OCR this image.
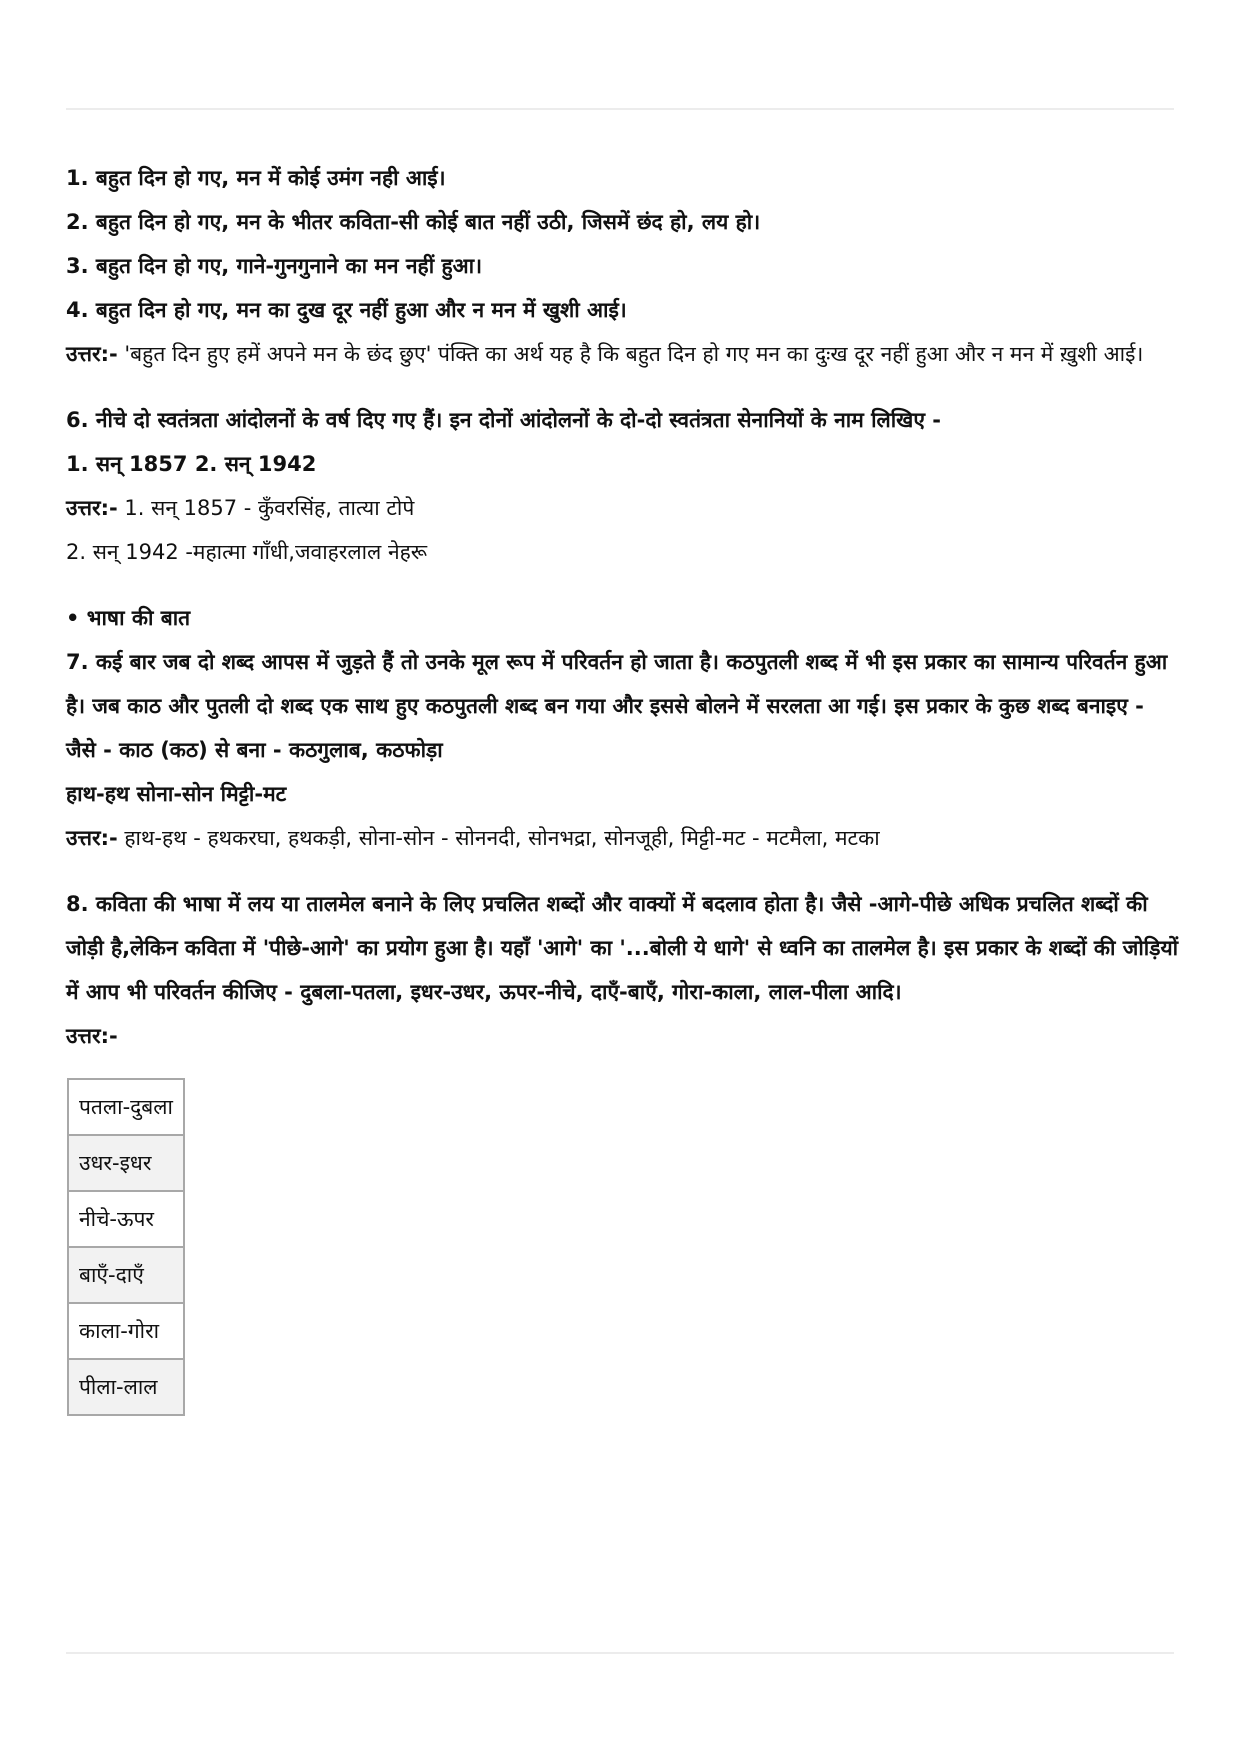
1. बहुत दिन हो गए, मन में कोई उमंग नही आई।
2. बहुत दिन हो गए, मन के भीतर कविता-सी कोई बात नहीं उठी, जिसमें छंद हो, लय हो।
3. बहुत दिन हो गए, गाने-गुनगुनाने का मन नहीं हुआ।
4. बहुत दिन हो गए, मन का दुख दूर नहीं हुआ और न मन में खुशी आई।
उत्तर:- 'बहुत दिन हुए हमें अपने मन के छंद छुए' पंक्ति का अर्थ यह है कि बहुत दिन हो गए मन का दुःख दूर नहीं हुआ और न मन में ख़ुशी आई।
6. नीचे दो स्वतंत्रता आंदोलनों के वर्ष दिए गए हैं। इन दोनों आंदोलनों के दो-दो स्वतंत्रता सेनानियों के नाम लिखिए -
1. सन् 1857 2. सन् 1942
उत्तर:- 1. सन् 1857 - कुँवरसिंह, तात्या टोपे
2. सन् 1942 -महात्मा गाँधी,जवाहरलाल नेहरू
• भाषा की बात
7. कई बार जब दो शब्द आपस में जुड़ते हैं तो उनके मूल रूप में परिवर्तन हो जाता है। कठपुतली शब्द में भी इस प्रकार का सामान्य परिवर्तन हुआ है। जब काठ और पुतली दो शब्द एक साथ हुए कठपुतली शब्द बन गया और इससे बोलने में सरलता आ गई। इस प्रकार के कुछ शब्द बनाइए -
जैसे - काठ (कठ) से बना - कठगुलाब, कठफोड़ा
हाथ-हथ सोना-सोन मिट्टी-मट
उत्तर:- हाथ-हथ - हथकरघा, हथकड़ी, सोना-सोन - सोननदी, सोनभद्रा, सोनजूही, मिट्टी-मट - मटमैला, मटका
8. कविता की भाषा में लय या तालमेल बनाने के लिए प्रचलित शब्दों और वाक्यों में बदलाव होता है। जैसे -आगे-पीछे अधिक प्रचलित शब्दों की जोड़ी है,लेकिन कविता में 'पीछे-आगे' का प्रयोग हुआ है। यहाँ 'आगे' का '...बोली ये धागे' से ध्वनि का तालमेल है। इस प्रकार के शब्दों की जोड़ियों में आप भी परिवर्तन कीजिए - दुबला-पतला, इधर-उधर, ऊपर-नीचे, दाएँ-बाएँ, गोरा-काला, लाल-पीला आदि।
उत्तर:-
पतला-दुबला
उधर-इधर
नीचे-ऊपर
बाएँ-दाएँ
काला-गोरा
पीला-लाल
